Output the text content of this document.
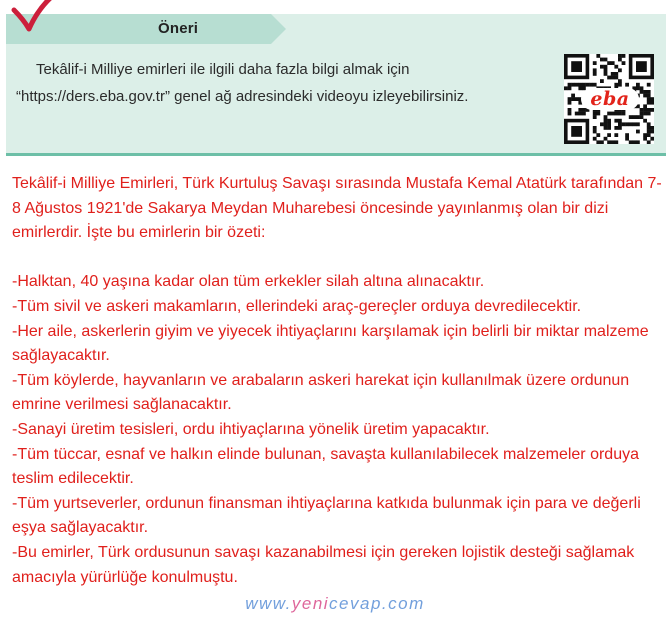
Öneri
Tekâlif-i Milliye emirleri ile ilgili daha fazla bilgi almak için “https://ders.eba.gov.tr” genel ağ adresindeki videoyu izleyebilirsiniz.	eba

Tekâlif-i Milliye Emirleri, Türk Kurtuluş Savaşı sırasında Mustafa Kemal Atatürk tarafından 7-8 Ağustos 1921'de Sakarya Meydan Muharebesi öncesinde yayınlanmış olan bir dizi emirlerdir. İşte bu emirlerin bir özeti:

-Halktan, 40 yaşına kadar olan tüm erkekler silah altına alınacaktır.

-Tüm sivil ve askeri makamların, ellerindeki araç-gereçler orduya devredilecektir.

-Her aile, askerlerin giyim ve yiyecek ihtiyaçlarını karşılamak için belirli bir miktar malzeme sağlayacaktır.

-Tüm köylerde, hayvanların ve arabaların askeri harekat için kullanılmak üzere ordunun emrine verilmesi sağlanacaktır.

-Sanayi üretim tesisleri, ordu ihtiyaçlarına yönelik üretim yapacaktır.

-Tüm tüccar, esnaf ve halkın elinde bulunan, savaşta kullanılabilecek malzemeler orduya teslim edilecektir.

-Tüm yurtseverler, ordunun finansman ihtiyaçlarına katkıda bulunmak için para ve değerli eşya sağlayacaktır.

-Bu emirler, Türk ordusunun savaşı kazanabilmesi için gereken lojistik desteği sağlamak amacıyla yürürlüğe konulmuştu.

www.yenicevap.com
